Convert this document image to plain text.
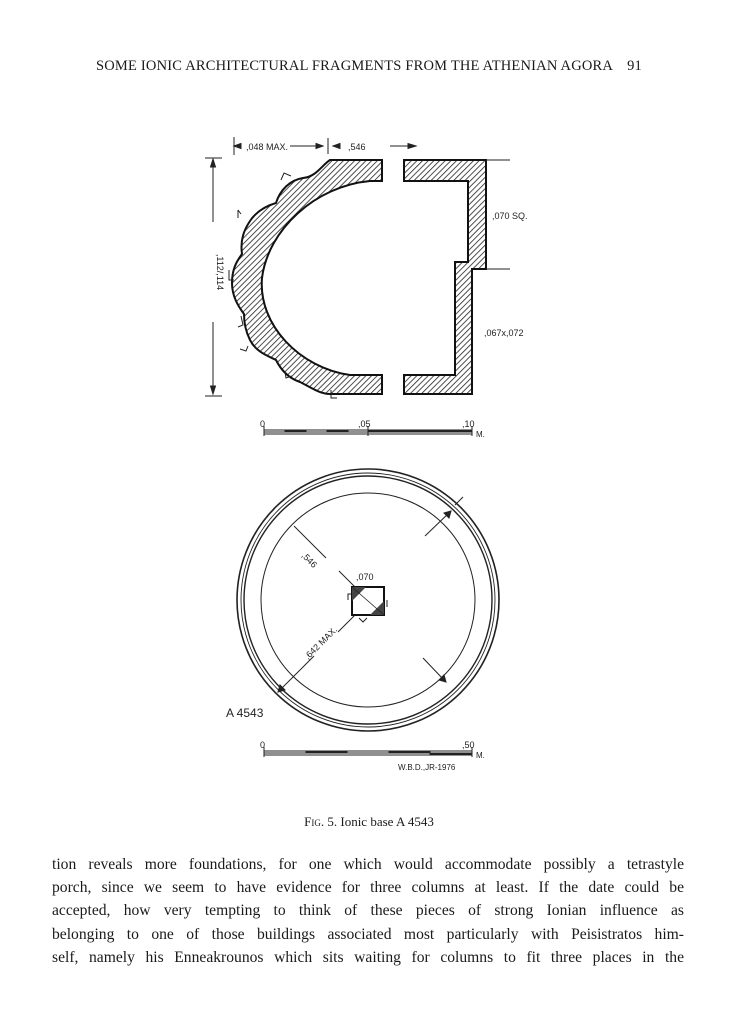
SOME IONIC ARCHITECTURAL FRAGMENTS FROM THE ATHENIAN AGORA 91
,048 MAX.	,546
,112/,114
,070 SQ.
,067x,072
0	,05	,10
M.
,546
,642 MAX.
,070
A 4543
0	,50
M.
W.B.D.,JR-1976
Fig. 5. Ionic base A 4543
tion reveals more foundations, for one which would accommodate possibly a tetrastyle
porch, since we seem to have evidence for three columns at least. If the date could be
accepted, how very tempting to think of these pieces of strong Ionian influence as
belonging to one of those buildings associated most particularly with Peisistratos him-
self, namely his Enneakrounos which sits waiting for columns to fit three places in the
